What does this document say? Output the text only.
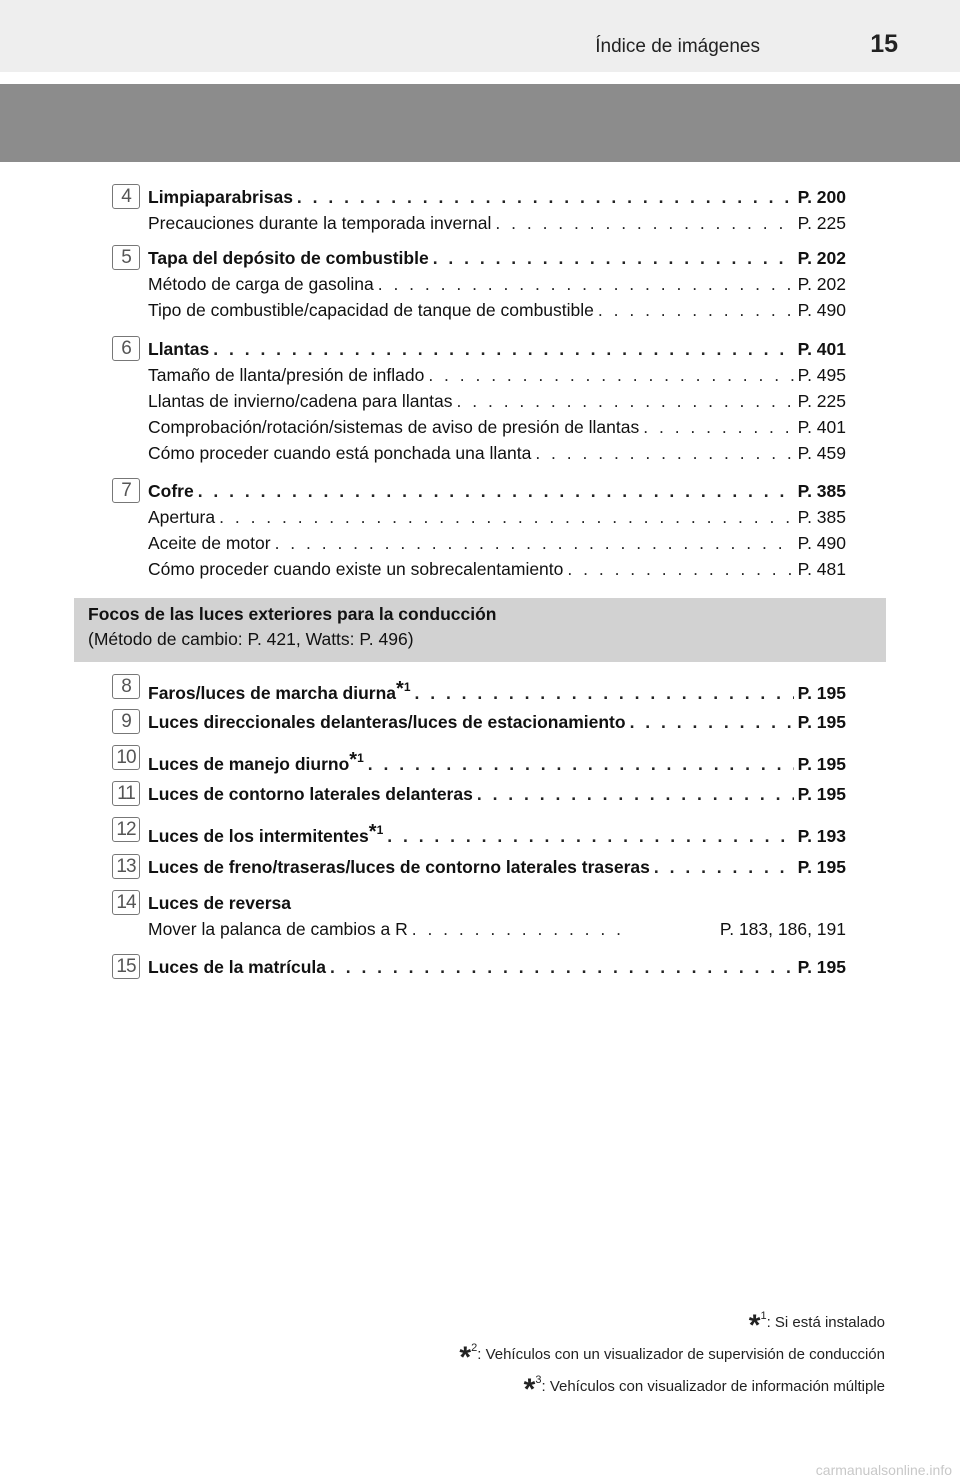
Índice de imágenes	15
4 Limpiaparabrisas . . .	P. 200
Precauciones durante la temporada invernal . . .	P. 225
5 Tapa del depósito de combustible . . .	P. 202
Método de carga de gasolina . . .	P. 202
Tipo de combustible/capacidad de tanque de combustible . . .	P. 490
6 Llantas . . .	P. 401
Tamaño de llanta/presión de inflado . . .	P. 495
Llantas de invierno/cadena para llantas . . .	P. 225
Comprobación/rotación/sistemas de aviso de presión de llantas . . .	P. 401
Cómo proceder cuando está ponchada una llanta . . .	P. 459
7 Cofre . . .	P. 385
Apertura . . .	P. 385
Aceite de motor . . .	P. 490
Cómo proceder cuando existe un sobrecalentamiento . . .	P. 481
Focos de las luces exteriores para la conducción
(Método de cambio: P. 421, Watts: P. 496)
8 Faros/luces de marcha diurna$^{*1}$ . . .	P. 195
9 Luces direccionales delanteras/luces de estacionamiento . . .	P. 195
10 Luces de manejo diurno$^{*1}$ . . .	P. 195
11 Luces de contorno laterales delanteras . . .	P. 195
12 Luces de los intermitentes$^{*1}$ . . .	P. 193
13 Luces de freno/traseras/luces de contorno laterales traseras . . .	P. 195
14 Luces de reversa
Mover la palanca de cambios a R . . .	P. 183, 186, 191
15 Luces de la matrícula . . .	P. 195
*$^1$: Si está instalado
*$^2$: Vehículos con un visualizador de supervisión de conducción
*$^3$: Vehículos con visualizador de información múltiple
carmanualsonline.info
